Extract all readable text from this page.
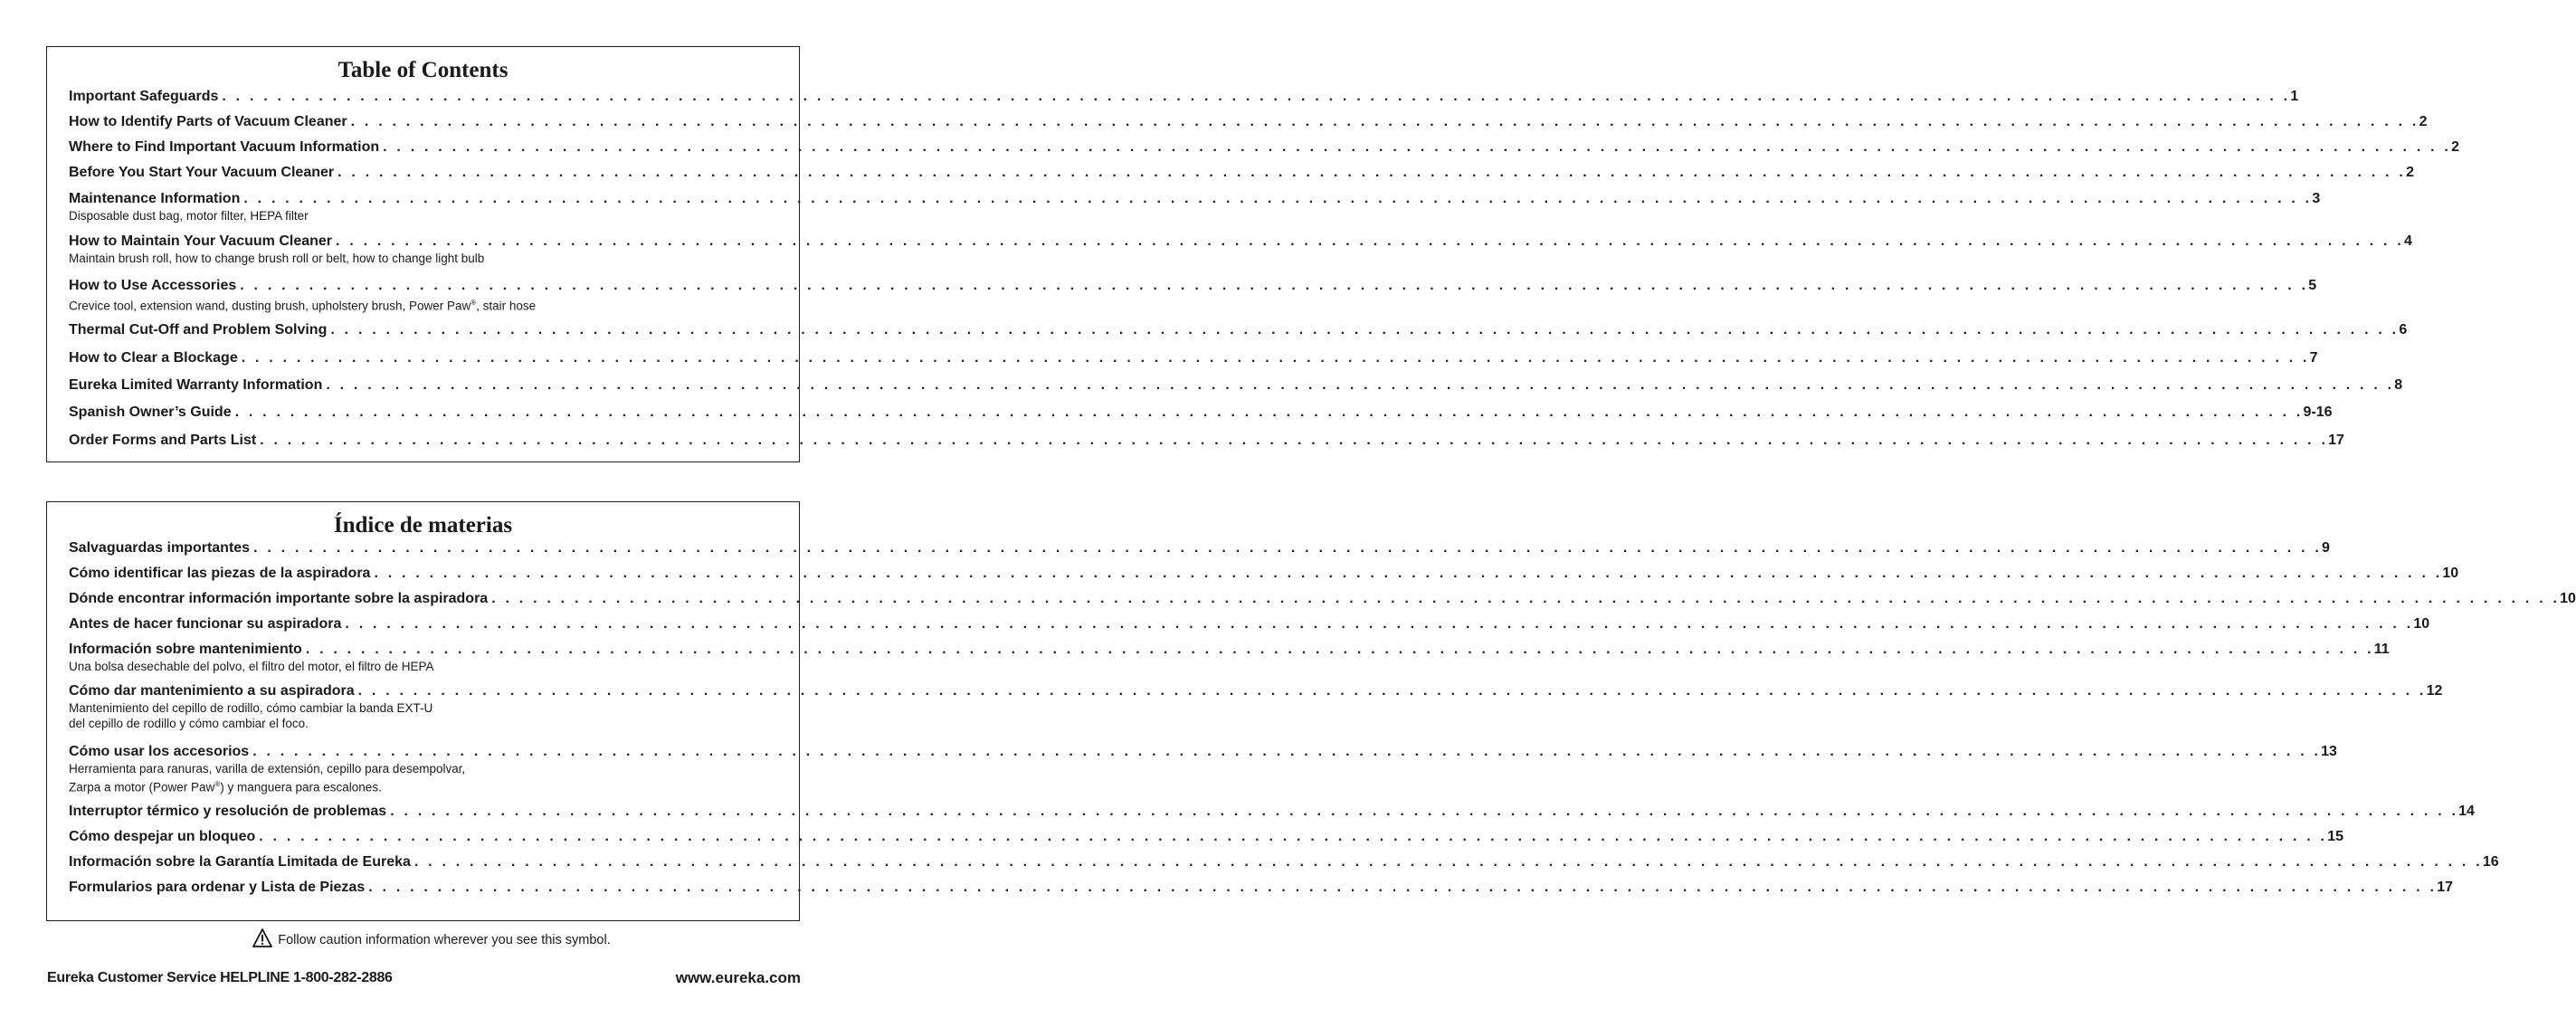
Table of Contents
Important Safeguards . . . . . . . . . . . . . . . . . . . . . . . . . . . . . . . . . . . . . . . . . . . . . . . . . . . . . . . . . . . . . . . . . . . . . . . . . . . . . . . . . . . . . . . . . . . . . . . . . . . . . . . . . . . . . . . . . . . . . . . . . . . . . . . . . . . . . . . . . . . . . . . . . . . . . . 1
How to Identify Parts of Vacuum Cleaner . . . . . . . . . . . . . . . . . . . . . . . . . . . . . . . . . . . . . . . . . . . . . . . . . . . . . . . . . . . . . . . . . . . . . . . . . . . . . . . . . . . . . . . . . . . . . . . . . . . . . . . . . . . . . . . . . . . . . . . . . . . . . . . . . . . . . . . . . . . . . . . . . . . . . . 2
Where to Find Important Vacuum Information . . . . . . . . . . . . . . . . . . . . . . . . . . . . . . . . . . . . . . . . . . . . . . . . . . . . . . . . . . . . . . . . . . . . . . . . . . . . . . . . . . . . . . . . . . . . . . . . . . . . . . . . . . . . . . . . . . . . . . . . . . . . . . . . . . . . . . . . . . . . . . . . . . . . . . 2
Before You Start Your Vacuum Cleaner . . . . . . . . . . . . . . . . . . . . . . . . . . . . . . . . . . . . . . . . . . . . . . . . . . . . . . . . . . . . . . . . . . . . . . . . . . . . . . . . . . . . . . . . . . . . . . . . . . . . . . . . . . . . . . . . . . . . . . . . . . . . . . . . . . . . . . . . . . . . . . . . . . . . . . 2
Maintenance Information . . . . . . . . . . . . . . . . . . . . . . . . . . . . . . . . . . . . . . . . . . . . . . . . . . . . . . . . . . . . . . . . . . . . . . . . . . . . . . . . . . . . . . . . . . . . . . . . . . . . . . . . . . . . . . . . . . . . . . . . . . . . . . . . . . . . . . . . . . . . . . . . . . . . . . 3
Disposable dust bag, motor filter, HEPA filter
How to Maintain Your Vacuum Cleaner . . . . . . . . . . . . . . . . . . . . . . . . . . . . . . . . . . . . . . . . . . . . . . . . . . . . . . . . . . . . . . . . . . . . . . . . . . . . . . . . . . . . . . . . . . . . . . . . . . . . . . . . . . . . . . . . . . . . . . . . . . . . . . . . . . . . . . . . . . . . . . . . . . . . . . 4
Maintain brush roll, how to change brush roll or belt, how to change light bulb
How to Use Accessories . . . . . . . . . . . . . . . . . . . . . . . . . . . . . . . . . . . . . . . . . . . . . . . . . . . . . . . . . . . . . . . . . . . . . . . . . . . . . . . . . . . . . . . . . . . . . . . . . . . . . . . . . . . . . . . . . . . . . . . . . . . . . . . . . . . . . . . . . . . . . . . . . . . . . . 5
Crevice tool, extension wand, dusting brush, upholstery brush, Power Paw®, stair hose
Thermal Cut-Off and Problem Solving . . . . . . . . . . . . . . . . . . . . . . . . . . . . . . . . . . . . . . . . . . . . . . . . . . . . . . . . . . . . . . . . . . . . . . . . . . . . . . . . . . . . . . . . . . . . . . . . . . . . . . . . . . . . . . . . . . . . . . . . . . . . . . . . . . . . . . . . . . . . . . . . . . . . . . 6
How to Clear a Blockage . . . . . . . . . . . . . . . . . . . . . . . . . . . . . . . . . . . . . . . . . . . . . . . . . . . . . . . . . . . . . . . . . . . . . . . . . . . . . . . . . . . . . . . . . . . . . . . . . . . . . . . . . . . . . . . . . . . . . . . . . . . . . . . . . . . . . . . . . . . . . . . . . . . . . . 7
Eureka Limited Warranty Information . . . . . . . . . . . . . . . . . . . . . . . . . . . . . . . . . . . . . . . . . . . . . . . . . . . . . . . . . . . . . . . . . . . . . . . . . . . . . . . . . . . . . . . . . . . . . . . . . . . . . . . . . . . . . . . . . . . . . . . . . . . . . . . . . . . . . . . . . . . . . . . . . . . . . . 8
Spanish Owner’s Guide . . . . . . . . . . . . . . . . . . . . . . . . . . . . . . . . . . . . . . . . . . . . . . . . . . . . . . . . . . . . . . . . . . . . . . . . . . . . . . . . . . . . . . . . . . . . . . . . . . . . . . . . . . . . . . . . . . . . . . . . . . . . . . . . . . . . . . . . . . . . . . . . . . . . . . 9-16
Order Forms and Parts List . . . . . . . . . . . . . . . . . . . . . . . . . . . . . . . . . . . . . . . . . . . . . . . . . . . . . . . . . . . . . . . . . . . . . . . . . . . . . . . . . . . . . . . . . . . . . . . . . . . . . . . . . . . . . . . . . . . . . . . . . . . . . . . . . . . . . . . . . . . . . . . . . . . . . . 17
Índice de materias
Salvaguardas importantes . . . . . . . . . . . . . . . . . . . . . . . . . . . . . . . . . . . . . . . . . . . . . . . . . . . . . . . . . . . . . . . . . . . . . . . . . . . . . . . . . . . . . . . . . . . . . . . . . . . . . . . . . . . . . . . . . . . . . . . . . . . . . . . . . . . . . . . . . . . . . . . . . . . . . . 9
Cómo identificar las piezas de la aspiradora . . . . . . . . . . . . . . . . . . . . . . . . . . . . . . . . . . . . . . . . . . . . . . . . . . . . . . . . . . . . . . . . . . . . . . . . . . . . . . . . . . . . . . . . . . . . . . . . . . . . . . . . . . . . . . . . . . . . . . . . . . . . . . . . . . . . . . . . . . . . . . . . . . . . . . 10
Dónde encontrar información importante sobre la aspiradora . . . . . . . . . . . . . . . . . . . . . . . . . . . . . . . . . . . . . . . . . . . . . . . . . . . . . . . . . . . . . . . . . . . . . . . . . . . . . . . . . . . . . . . . . . . . . . . . . . . . . . . . . . . . . . . . . . . . . . . . . . . . . . . . . . . . . . . . . . . . . . . . . . . . . . 10
Antes de hacer funcionar su aspiradora . . . . . . . . . . . . . . . . . . . . . . . . . . . . . . . . . . . . . . . . . . . . . . . . . . . . . . . . . . . . . . . . . . . . . . . . . . . . . . . . . . . . . . . . . . . . . . . . . . . . . . . . . . . . . . . . . . . . . . . . . . . . . . . . . . . . . . . . . . . . . . . . . . . . . . 10
Información sobre mantenimiento . . . . . . . . . . . . . . . . . . . . . . . . . . . . . . . . . . . . . . . . . . . . . . . . . . . . . . . . . . . . . . . . . . . . . . . . . . . . . . . . . . . . . . . . . . . . . . . . . . . . . . . . . . . . . . . . . . . . . . . . . . . . . . . . . . . . . . . . . . . . . . . . . . . . . . 11
Una bolsa desechable del polvo, el filtro del motor, el filtro de HEPA
Cómo dar mantenimiento a su aspiradora . . . . . . . . . . . . . . . . . . . . . . . . . . . . . . . . . . . . . . . . . . . . . . . . . . . . . . . . . . . . . . . . . . . . . . . . . . . . . . . . . . . . . . . . . . . . . . . . . . . . . . . . . . . . . . . . . . . . . . . . . . . . . . . . . . . . . . . . . . . . . . . . . . . . . . 12
Mantenimiento del cepillo de rodillo, cómo cambiar la banda EXT-U
del cepillo de rodillo y cómo cambiar el foco.
Cómo usar los accesorios . . . . . . . . . . . . . . . . . . . . . . . . . . . . . . . . . . . . . . . . . . . . . . . . . . . . . . . . . . . . . . . . . . . . . . . . . . . . . . . . . . . . . . . . . . . . . . . . . . . . . . . . . . . . . . . . . . . . . . . . . . . . . . . . . . . . . . . . . . . . . . . . . . . . . . 13
Herramienta para ranuras, varilla de extensión, cepillo para desempolvar,
Zarpa a motor (Power Paw®) y manguera para escalones.
Interruptor térmico y resolución de problemas . . . . . . . . . . . . . . . . . . . . . . . . . . . . . . . . . . . . . . . . . . . . . . . . . . . . . . . . . . . . . . . . . . . . . . . . . . . . . . . . . . . . . . . . . . . . . . . . . . . . . . . . . . . . . . . . . . . . . . . . . . . . . . . . . . . . . . . . . . . . . . . . . . . . . . 14
Cómo despejar un bloqueo . . . . . . . . . . . . . . . . . . . . . . . . . . . . . . . . . . . . . . . . . . . . . . . . . . . . . . . . . . . . . . . . . . . . . . . . . . . . . . . . . . . . . . . . . . . . . . . . . . . . . . . . . . . . . . . . . . . . . . . . . . . . . . . . . . . . . . . . . . . . . . . . . . . . . . 15
Información sobre la Garantía Limitada de Eureka . . . . . . . . . . . . . . . . . . . . . . . . . . . . . . . . . . . . . . . . . . . . . . . . . . . . . . . . . . . . . . . . . . . . . . . . . . . . . . . . . . . . . . . . . . . . . . . . . . . . . . . . . . . . . . . . . . . . . . . . . . . . . . . . . . . . . . . . . . . . . . . . . . . . . . 16
Formularios para ordenar y Lista de Piezas . . . . . . . . . . . . . . . . . . . . . . . . . . . . . . . . . . . . . . . . . . . . . . . . . . . . . . . . . . . . . . . . . . . . . . . . . . . . . . . . . . . . . . . . . . . . . . . . . . . . . . . . . . . . . . . . . . . . . . . . . . . . . . . . . . . . . . . . . . . . . . . . . . . . . . 17
Follow caution information wherever you see this symbol.
Eureka Customer Service HELPLINE 1-800-282-2886	www.eureka.com
